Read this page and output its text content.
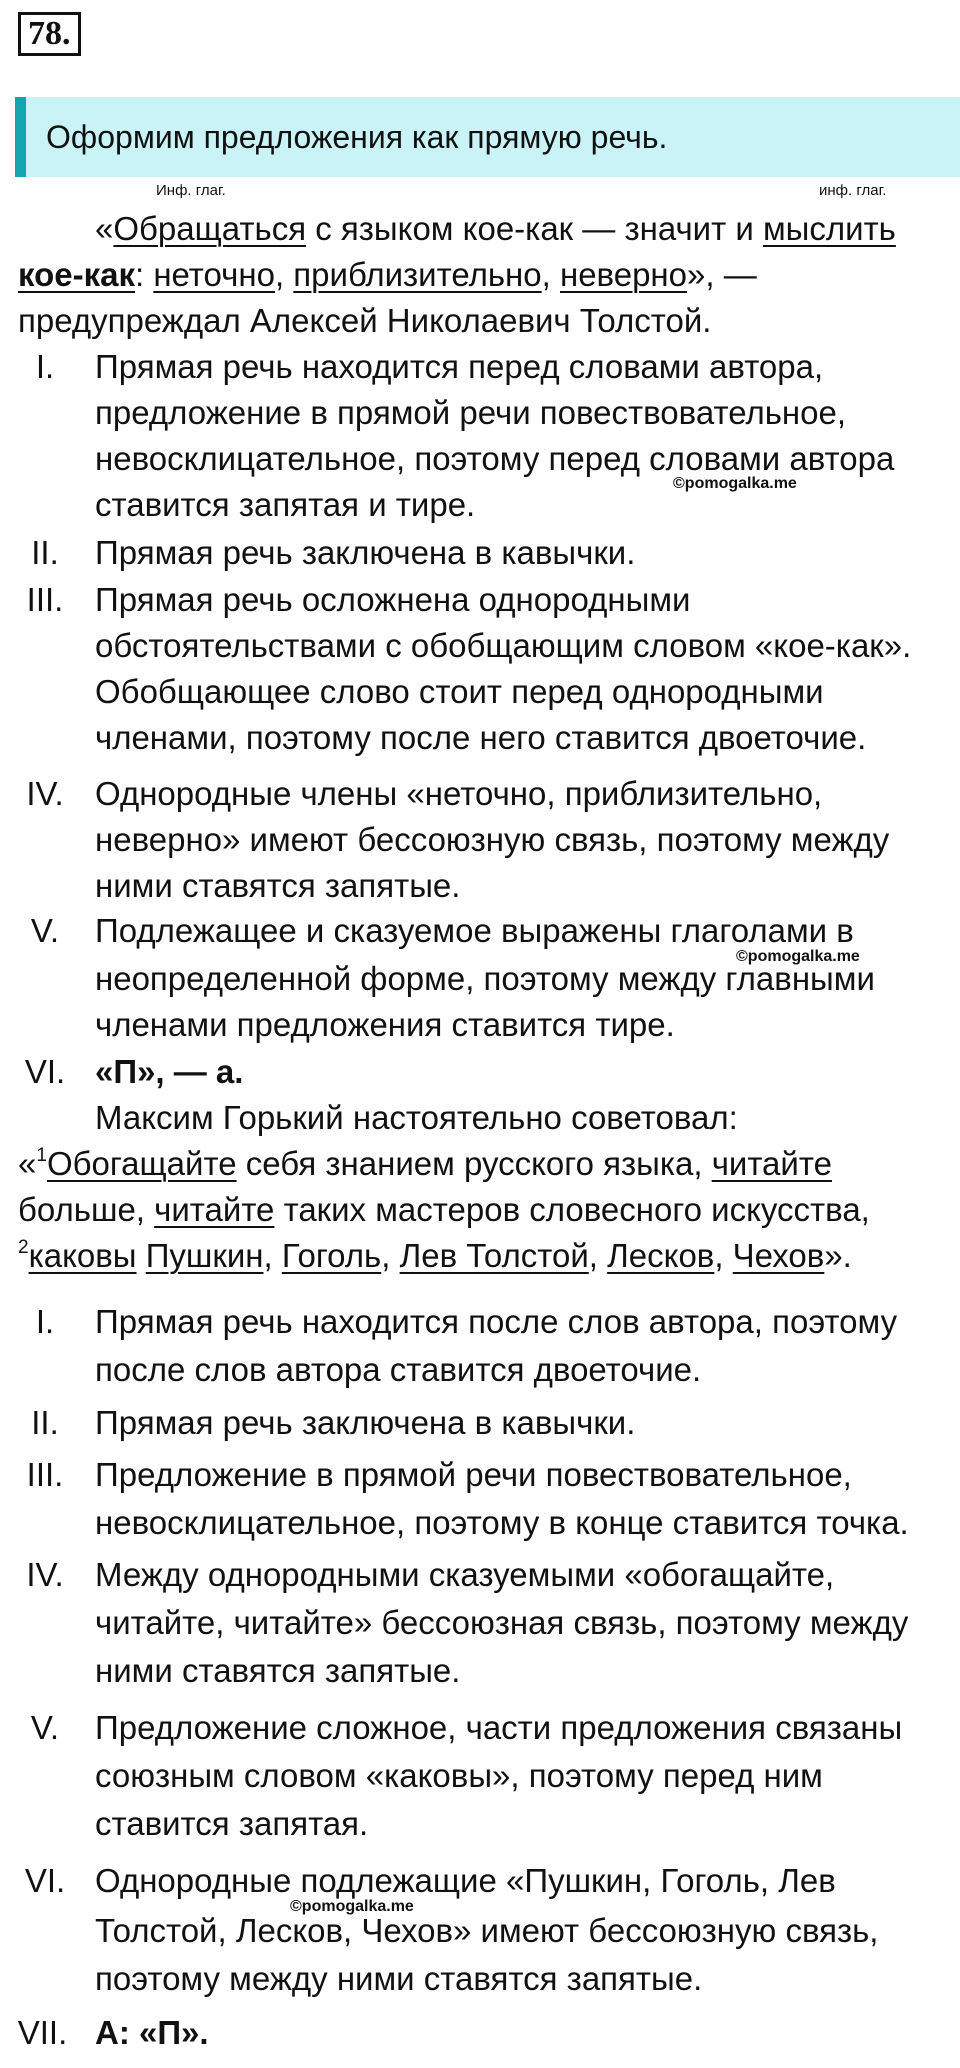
78.
Оформим предложения как прямую речь.
Инф. глаг.	инф. глаг.
«Обращаться с языком кое-как — значит и мыслить
кое-как: неточно, приблизительно, неверно», —
предупреждал Алексей Николаевич Толстой.
I.	Прямая речь находится перед словами автора,
предложение в прямой речи повествовательное,
невосклицательное, поэтому перед словами автора
ставится запятая и тире.
©pomogalka.me
II.	Прямая речь заключена в кавычки.
III. Прямая речь осложнена однородными
обстоятельствами с обобщающим словом «кое-как».
Обобщающее слово стоит перед однородными
членами, поэтому после него ставится двоеточие.
IV. Однородные члены «неточно, приблизительно,
неверно» имеют бессоюзную связь, поэтому между
ними ставятся запятые.
V.	Подлежащее и сказуемое выражены глаголами в
©pomogalka.me
неопределенной форме, поэтому между главными
членами предложения ставится тире.
VI. «П», — а.
Максим Горький настоятельно советовал:
«$^1$Обогащайте себя знанием русского языка, читайте
больше, читайте таких мастеров словесного искусства,
$^2$каковы Пушкин, Гоголь, Лев Толстой, Лесков, Чехов».
I.	Прямая речь находится после слов автора, поэтому
после слов автора ставится двоеточие.
II.	Прямая речь заключена в кавычки.
III. Предложение в прямой речи повествовательное,
невосклицательное, поэтому в конце ставится точка.
IV. Между однородными сказуемыми «обогащайте,
читайте, читайте» бессоюзная связь, поэтому между
ними ставятся запятые.
V.	Предложение сложное, части предложения связаны
союзным словом «каковы», поэтому перед ним
ставится запятая.
VI. Однородные подлежащие «Пушкин, Гоголь, Лев
©pomogalka.me
Толстой, Лесков, Чехов» имеют бессоюзную связь,
поэтому между ними ставятся запятые.
VII. А: «П».
